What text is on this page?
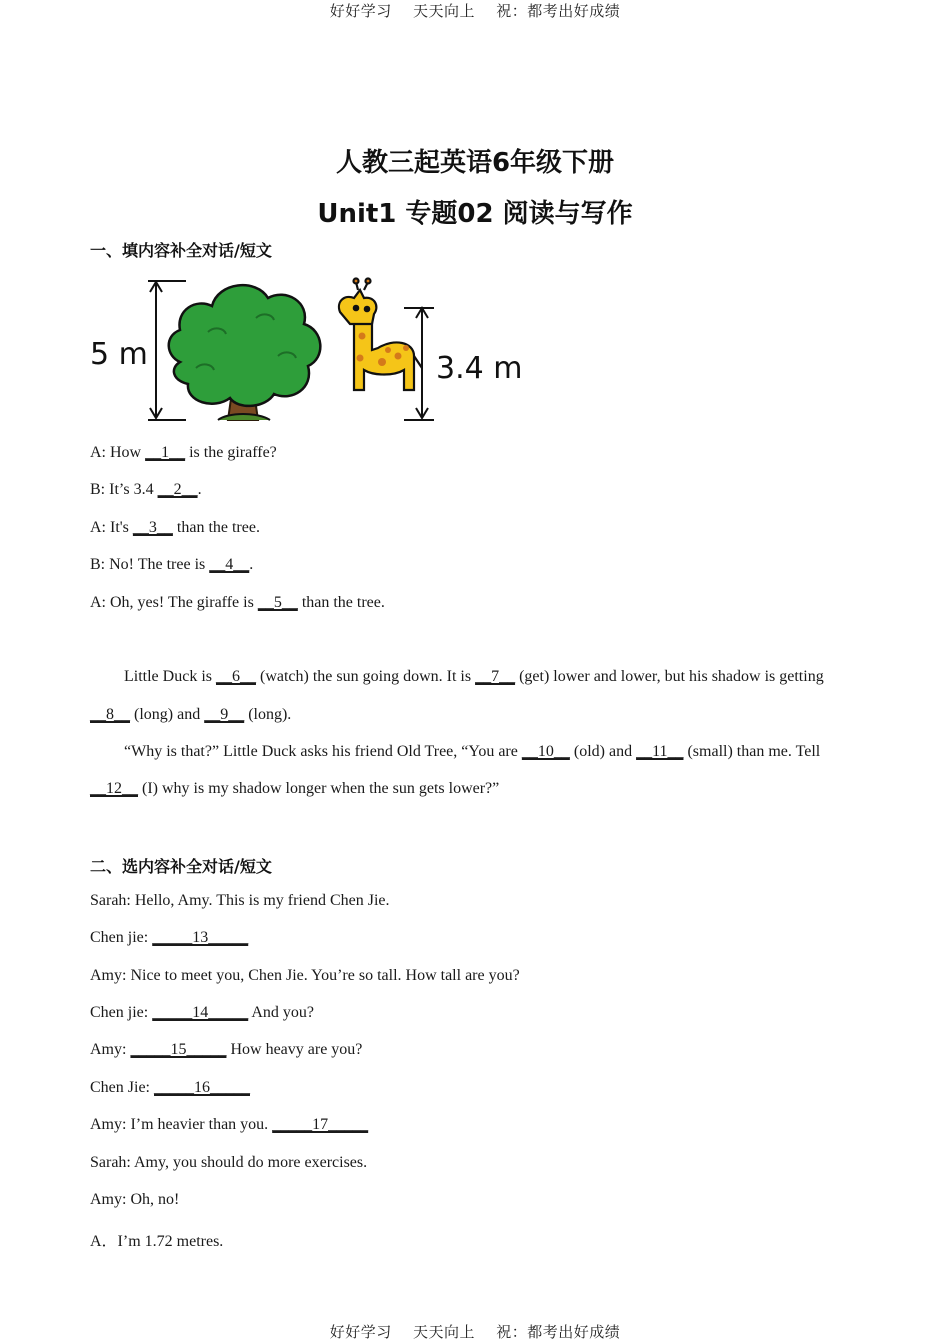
好好学习 天天向上 祝：都考出好成绩
人教三起英语6年级下册
Unit1 专题02 阅读与写作
一、填内容补全对话/短文
5 m	3.4 m
A: How __1__ is the giraffe?
B: It’s 3.4 __2__.
A: It's __3__ than the tree.
B: No! The tree is __4__.
A: Oh, yes! The giraffe is __5__ than the tree.
Little Duck is __6__ (watch) the sun going down. It is __7__ (get) lower and lower, but his shadow is getting
__8__ (long) and __9__ (long).
“Why is that?” Little Duck asks his friend Old Tree, “You are __10__ (old) and __11__ (small) than me. Tell
__12__ (I) why is my shadow longer when the sun gets lower?”
二、选内容补全对话/短文
Sarah: Hello, Amy. This is my friend Chen Jie.
Chen jie: _____13_____
Amy: Nice to meet you, Chen Jie. You’re so tall. How tall are you?
Chen jie: _____14_____ And you?
Amy: _____15_____ How heavy are you?
Chen Jie: _____16_____
Amy: I’m heavier than you. _____17_____
Sarah: Amy, you should do more exercises.
Amy: Oh, no!
A．I’m 1.72 metres.
好好学习 天天向上 祝：都考出好成绩
